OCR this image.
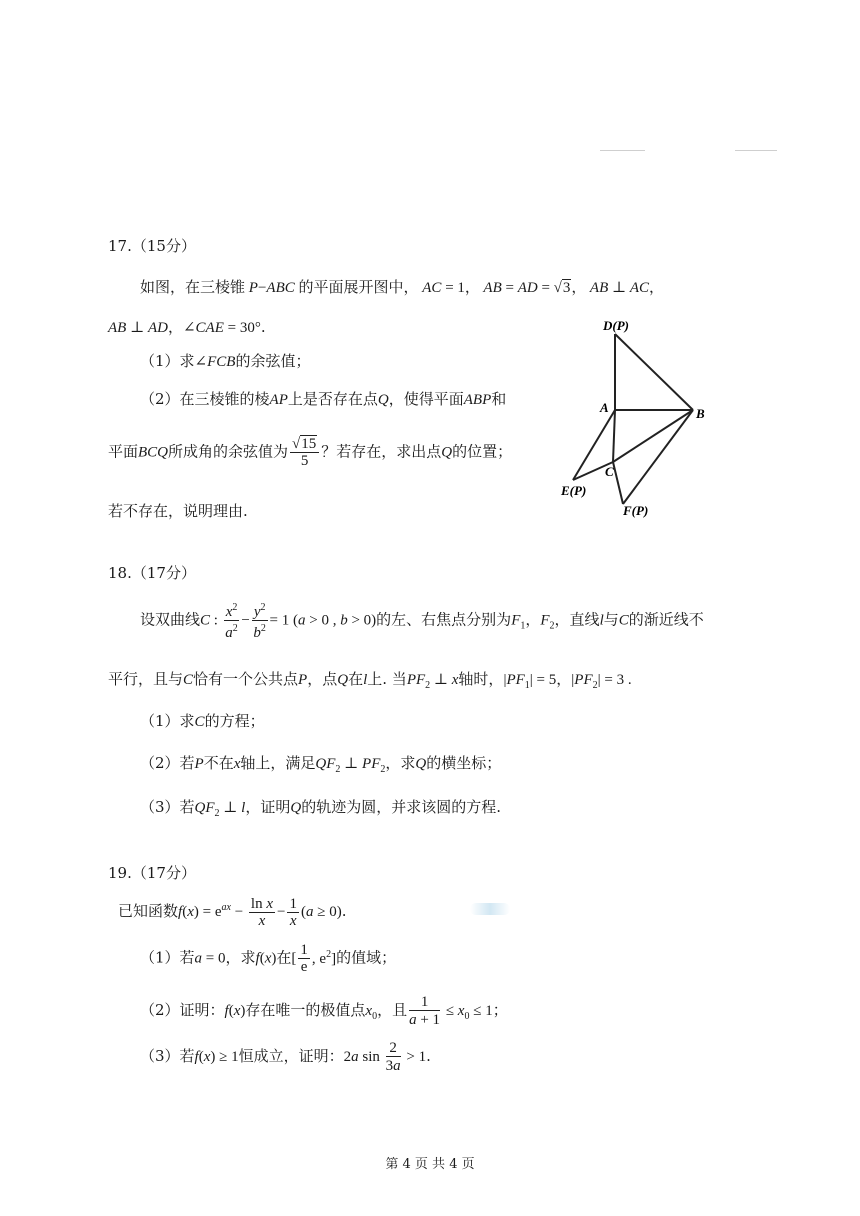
17.（15分）
如图，在三棱锥 P−ABC 的平面展开图中， AC = 1， AB = AD = √3， AB ⊥ AC，
AB ⊥ AD，∠CAE = 30°.
（1）求∠FCB的余弦值；
（2）在三棱锥的棱AP上是否存在点Q，使得平面ABP和
平面BCQ所成角的余弦值为 $\frac{√15}{5}$ ？若存在，求出点Q的位置；
若不存在，说明理由.
D(P)
A	B
C
E(P)
F(P)
18.（17分）
设双曲线C : $\frac{x^2}{a^2} - \frac{y^2}{b^2} = 1$ (a > 0 , b > 0)的左、右焦点分别为$F_1$，$F_2$，直线l与C的渐近线不
平行，且与C恰有一个公共点P，点Q在l上. 当$PF_2$ ⊥ x轴时，$|PF_1| = 5$，$|PF_2| = 3$ .
（1）求C的方程；
（2）若P不在x轴上，满足$QF_2$ ⊥ $PF_2$，求Q的横坐标；
（3）若$QF_2$ ⊥ l，证明Q的轨迹为圆，并求该圆的方程.
19.（17分）
已知函数$f(x) = e^{ax} - \frac{\text{ln x}}{x} - \frac{1}{x} (a \ge 0)$.
（1）若a = 0，求f(x)在[ $\frac{1}{e}$ , $e^2$]的值域；
（2）证明：f(x)存在唯一的极值点$x_0$，且 $\frac{1}{a + 1} \le x_0 \le 1$；
（3）若f(x) ≥ 1恒成立，证明：2a $\sin \frac{2}{3a} > 1$.
第 4 页 共 4 页
